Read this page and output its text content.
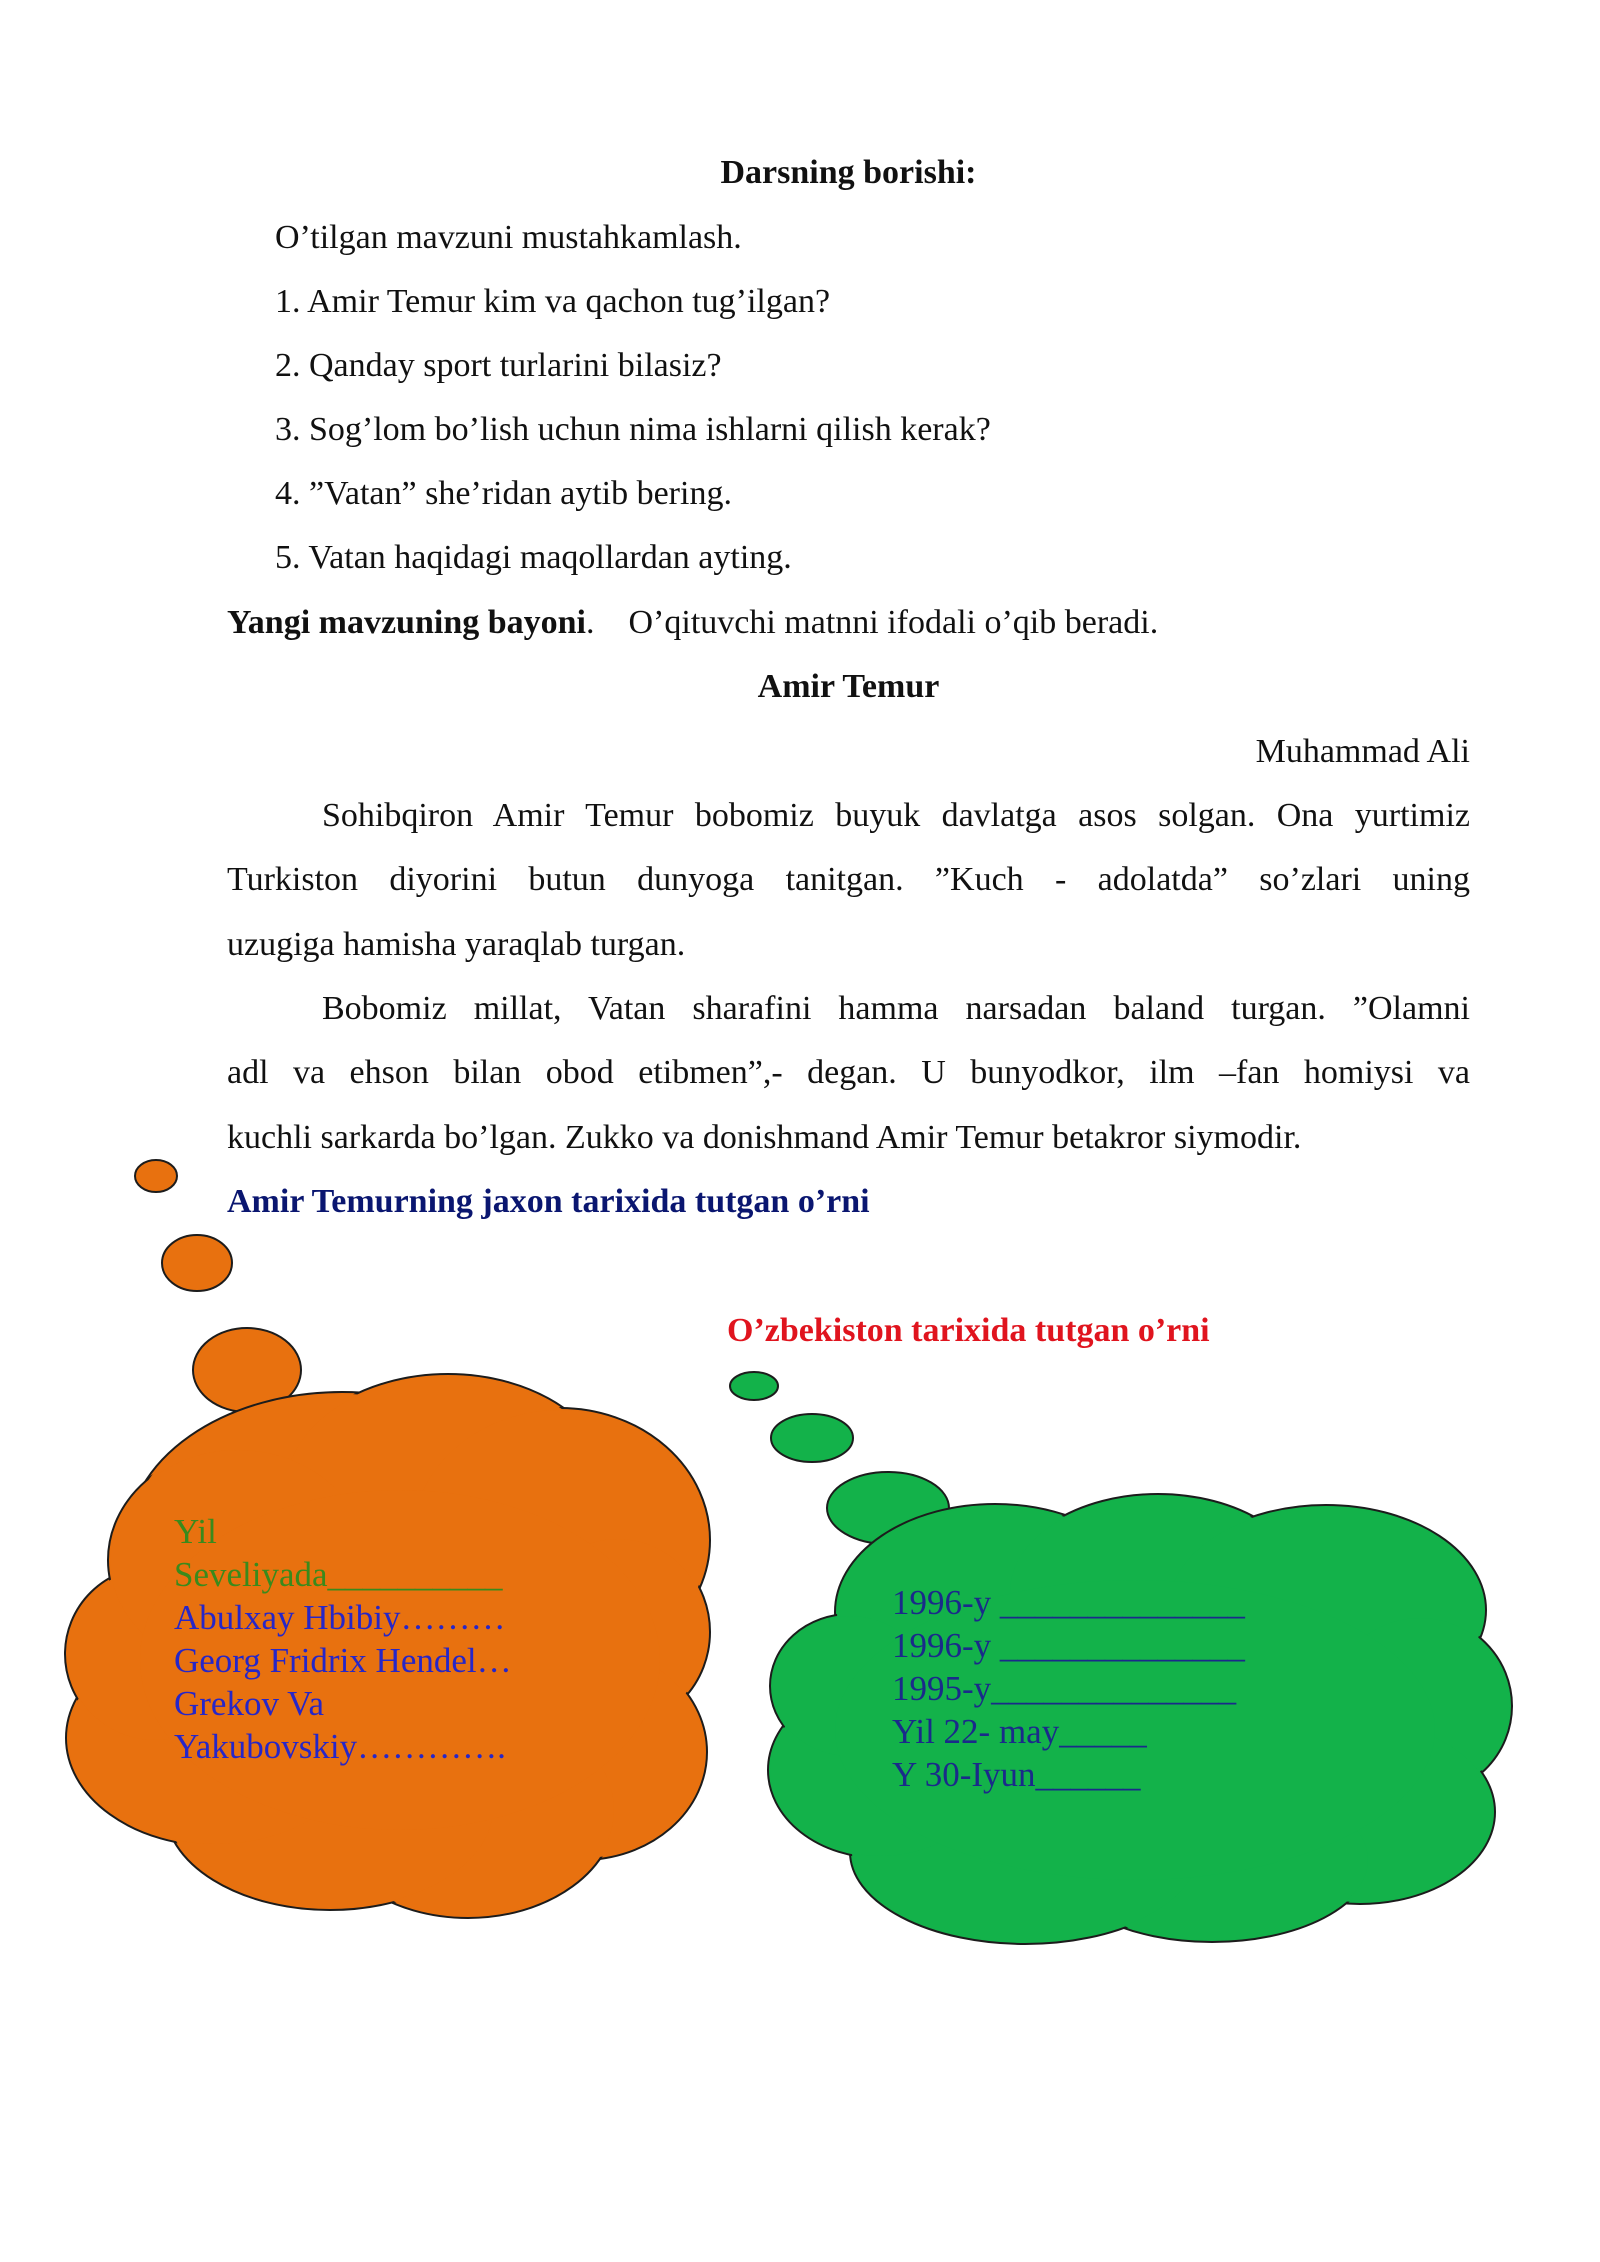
Darsning borishi:
O’tilgan mavzuni mustahkamlash.
1. Amir Temur kim va qachon tug’ilgan?
2. Qanday sport turlarini bilasiz?
3. Sog’lom bo’lish uchun nima ishlarni qilish kerak?
4. ”Vatan” she’ridan aytib bering.
5. Vatan haqidagi maqollardan ayting.
Yangi mavzuning bayoni. O’qituvchi matnni ifodali o’qib beradi.
Amir Temur
Muhammad Ali
Sohibqiron Amir Temur bobomiz buyuk davlatga asos solgan. Ona yurtimiz
Turkiston diyorini butun dunyoga tanitgan. ”Kuch - adolatda” so’zlari uning
uzugiga hamisha yaraqlab turgan.
Bobomiz millat, Vatan sharafini hamma narsadan baland turgan. ”Olamni
adl va ehson bilan obod etibmen”,- degan. U bunyodkor, ilm –fan homiysi va
kuchli sarkarda bo’lgan. Zukko va donishmand Amir Temur betakror siymodir.
Amir Temurning jaxon tarixida tutgan o’rni
O’zbekiston tarixida tutgan o’rni
Yil
Seveliyada__________
Abulxay Hbibiy………
Georg Fridrix Hendel…
Grekov Va
Yakubovskiy………….
1996-y ______________
1996-y ______________
1995-y______________
Yil 22- may_____
Y 30-Iyun______
